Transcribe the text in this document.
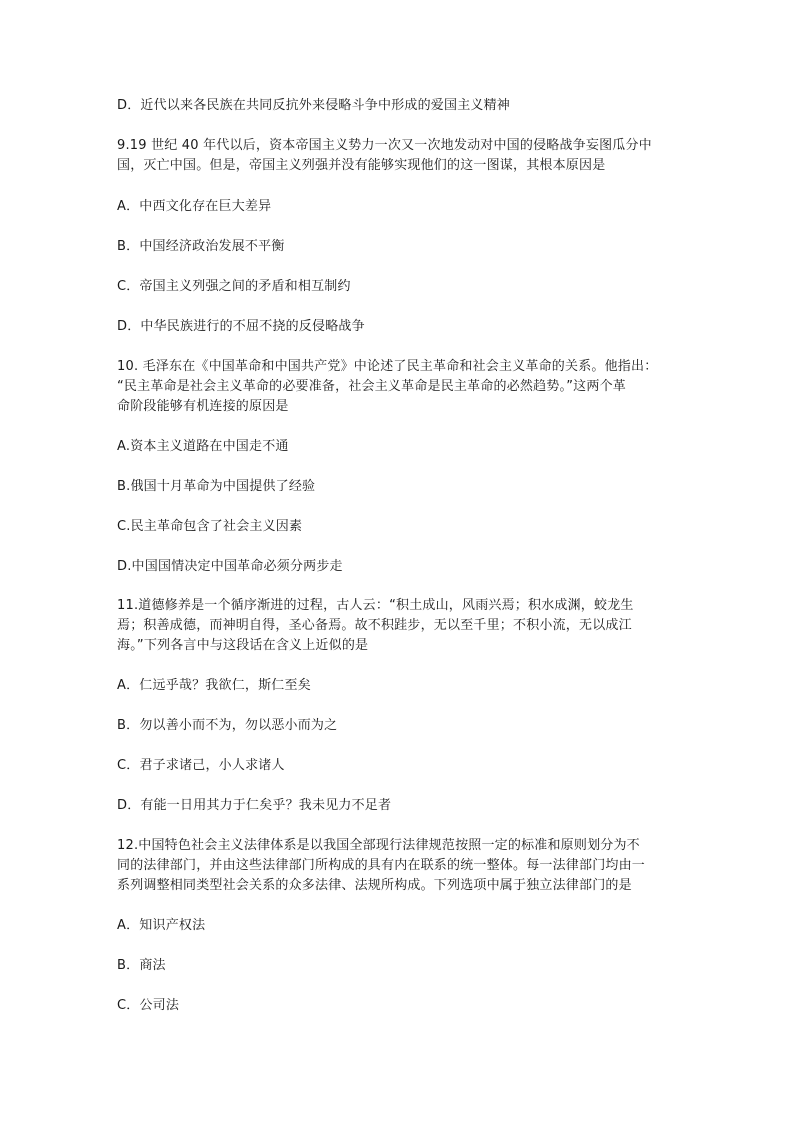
D．近代以来各民族在共同反抗外来侵略斗争中形成的爱国主义精神
9.19 世纪 40 年代以后，资本帝国主义势力一次又一次地发动对中国的侵略战争妄图瓜分中
国，灭亡中国。但是，帝国主义列强并没有能够实现他们的这一图谋，其根本原因是
A．中西文化存在巨大差异
B．中国经济政治发展不平衡
C．帝国主义列强之间的矛盾和相互制约
D．中华民族进行的不屈不挠的反侵略战争
10. 毛泽东在《中国革命和中国共产党》中论述了民主革命和社会主义革命的关系。他指出：
“民主革命是社会主义革命的必要准备，社会主义革命是民主革命的必然趋势。”这两个革
命阶段能够有机连接的原因是
A.资本主义道路在中国走不通
B.俄国十月革命为中国提供了经验
C.民主革命包含了社会主义因素
D.中国国情决定中国革命必须分两步走
11.道德修养是一个循序渐进的过程，古人云：“积土成山，风雨兴焉；积水成渊，蛟龙生
焉；积善成德，而神明自得，圣心备焉。故不积跬步，无以至千里；不积小流，无以成江
海。”下列各言中与这段话在含义上近似的是
A．仁远乎哉？我欲仁，斯仁至矣
B．勿以善小而不为，勿以恶小而为之
C．君子求诸己，小人求诸人
D．有能一日用其力于仁矣乎？我未见力不足者
12.中国特色社会主义法律体系是以我国全部现行法律规范按照一定的标准和原则划分为不
同的法律部门，并由这些法律部门所构成的具有内在联系的统一整体。每一法律部门均由一
系列调整相同类型社会关系的众多法律、法规所构成。下列选项中属于独立法律部门的是
A．知识产权法
B．商法
C．公司法
